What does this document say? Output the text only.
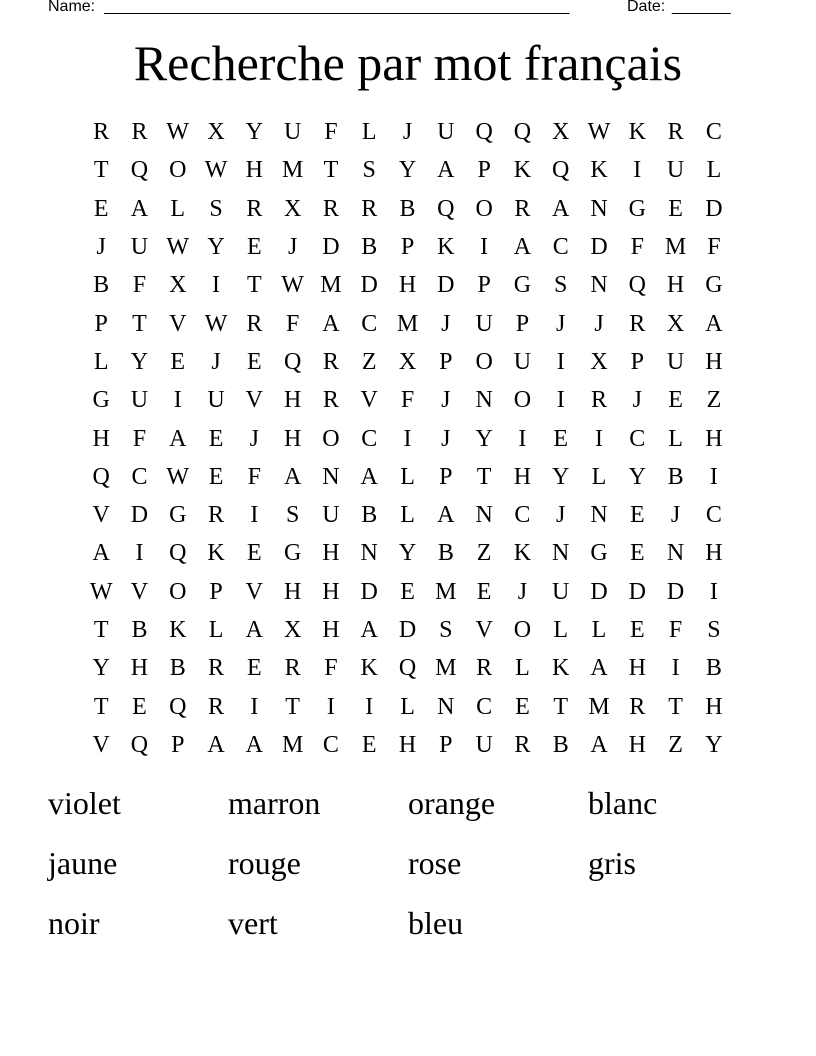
Name: ________________________________________________________	Date: _______
Recherche par mot français
R R W X Y U F	L	J	U Q Q X W K R C
T Q O W H M T	S Y A P K Q K	I	U L
E A L	S R X R R B Q O R A N G E D
J	U W Y E	J	D B P K	I	A C D F M F
B F X	I	T W M D H D P G S N Q H G
P	T V W R F A C M J	U P	J	J	R X A
L Y E	J	E Q R Z X P O U	I	X P U H
G U	I	U V H R V F	J	N O	I	R	J	E Z
H F A E	J	H O C	I	J	Y	I	E	I	C L H
Q C W E	F A N A L	P	T H Y L Y B	I
V D G R	I	S U B L A N C	J	N E	J	C
A	I	Q K E G H N Y B Z K N G E N H
W V O P V H H D E M E	J	U D D D	I
T B K L A X H A D S V O L L E	F	S
Y H B R E R F K Q M R L K A H	I	B
T E Q R	I	T	I	I	L N C E T M R T H
V Q P A A M C E H P U R B A H Z Y
violet	marron	orange	blanc
jaune	rouge	rose	gris
noir	vert	bleu
